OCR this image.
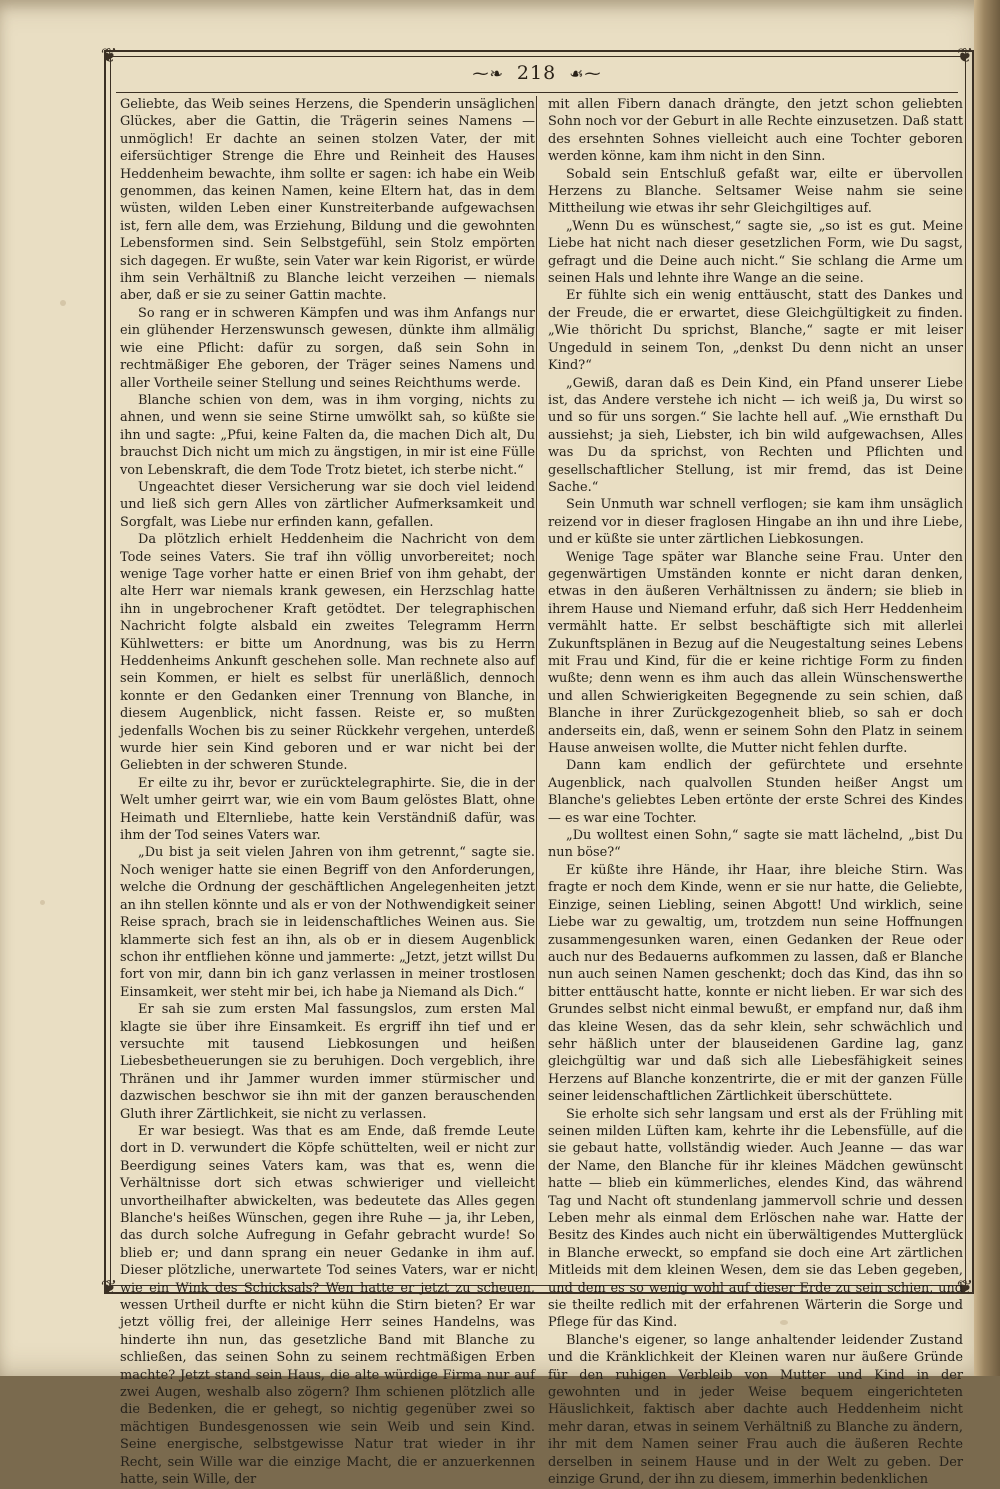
❦	❦
❦	❦
⁓❧ 218 ☙⁓

Geliebte, das Weib seines Herzens, die Spenderin unsäglichen Glückes, aber die Gattin, die Trägerin seines Namens — unmöglich! Er dachte an seinen stolzen Vater, der mit eifersüchtiger Strenge die Ehre und Reinheit des Hauses Heddenheim bewachte, ihm sollte er sagen: ich habe ein Weib genommen, das keinen Namen, keine Eltern hat, das in dem wüsten, wilden Leben einer Kunstreiterbande aufgewachsen ist, fern alle dem, was Erziehung, Bildung und die gewohnten Lebensformen sind. Sein Selbstgefühl, sein Stolz empörten sich dagegen. Er wußte, sein Vater war kein Rigorist, er würde ihm sein Verhältniß zu Blanche leicht verzeihen — niemals aber, daß er sie zu seiner Gattin machte.

So rang er in schweren Kämpfen und was ihm Anfangs nur ein glühender Herzenswunsch gewesen, dünkte ihm allmälig wie eine Pflicht: dafür zu sorgen, daß sein Sohn in rechtmäßiger Ehe geboren, der Träger seines Namens und aller Vortheile seiner Stellung und seines Reichthums werde.

Blanche schien von dem, was in ihm vorging, nichts zu ahnen, und wenn sie seine Stirne umwölkt sah, so küßte sie ihn und sagte: „Pfui, keine Falten da, die machen Dich alt, Du brauchst Dich nicht um mich zu ängstigen, in mir ist eine Fülle von Lebenskraft, die dem Tode Trotz bietet, ich sterbe nicht.“

Ungeachtet dieser Versicherung war sie doch viel leidend und ließ sich gern Alles von zärtlicher Aufmerksamkeit und Sorgfalt, was Liebe nur erfinden kann, gefallen.

Da plötzlich erhielt Heddenheim die Nachricht von dem Tode seines Vaters. Sie traf ihn völlig unvorbereitet; noch wenige Tage vorher hatte er einen Brief von ihm gehabt, der alte Herr war niemals krank gewesen, ein Herzschlag hatte ihn in ungebrochener Kraft getödtet. Der telegraphischen Nachricht folgte alsbald ein zweites Telegramm Herrn Kühlwetters: er bitte um Anordnung, was bis zu Herrn Heddenheims Ankunft geschehen solle. Man rechnete also auf sein Kommen, er hielt es selbst für unerläßlich, dennoch konnte er den Gedanken einer Trennung von Blanche, in diesem Augenblick, nicht fassen. Reiste er, so mußten jedenfalls Wochen bis zu seiner Rückkehr vergehen, unterdeß wurde hier sein Kind geboren und er war nicht bei der Geliebten in der schweren Stunde.

Er eilte zu ihr, bevor er zurücktelegraphirte. Sie, die in der Welt umher geirrt war, wie ein vom Baum gelöstes Blatt, ohne Heimath und Elternliebe, hatte kein Verständniß dafür, was ihm der Tod seines Vaters war.

„Du bist ja seit vielen Jahren von ihm getrennt,“ sagte sie. Noch weniger hatte sie einen Begriff von den Anforderungen, welche die Ordnung der geschäftlichen Angelegenheiten jetzt an ihn stellen könnte und als er von der Nothwendigkeit seiner Reise sprach, brach sie in leidenschaftliches Weinen aus. Sie klammerte sich fest an ihn, als ob er in diesem Augenblick schon ihr entfliehen könne und jammerte: „Jetzt, jetzt willst Du fort von mir, dann bin ich ganz verlassen in meiner trostlosen Einsamkeit, wer steht mir bei, ich habe ja Niemand als Dich.“

Er sah sie zum ersten Mal fassungslos, zum ersten Mal klagte sie über ihre Einsamkeit. Es ergriff ihn tief und er versuchte mit tausend Liebkosungen und heißen Liebesbetheuerungen sie zu beruhigen. Doch vergeblich, ihre Thränen und ihr Jammer wurden immer stürmischer und dazwischen beschwor sie ihn mit der ganzen berauschenden Gluth ihrer Zärtlichkeit, sie nicht zu verlassen.

Er war besiegt. Was that es am Ende, daß fremde Leute dort in D. verwundert die Köpfe schüttelten, weil er nicht zur Beerdigung seines Vaters kam, was that es, wenn die Verhältnisse dort sich etwas schwieriger und vielleicht unvortheilhafter abwickelten, was bedeutete das Alles gegen Blanche's heißes Wünschen, gegen ihre Ruhe — ja, ihr Leben, das durch solche Aufregung in Gefahr gebracht wurde! So blieb er; und dann sprang ein neuer Gedanke in ihm auf. Dieser plötzliche, unerwartete Tod seines Vaters, war er nicht wie ein Wink des Schicksals? Wen hatte er jetzt zu scheuen, wessen Urtheil durfte er nicht kühn die Stirn bieten? Er war jetzt völlig frei, der alleinige Herr seines Handelns, was hinderte ihn nun, das gesetzliche Band mit Blanche zu schließen, das seinen Sohn zu seinem rechtmäßigen Erben machte? Jetzt stand sein Haus, die alte würdige Firma nur auf zwei Augen, weshalb also zögern? Ihm schienen plötzlich alle die Bedenken, die er gehegt, so nichtig gegenüber zwei so mächtigen Bundesgenossen wie sein Weib und sein Kind. Seine energische, selbstgewisse Natur trat wieder in ihr Recht, sein Wille war die einzige Macht, die er anzuerkennen hatte, sein Wille, der

mit allen Fibern danach drängte, den jetzt schon geliebten Sohn noch vor der Geburt in alle Rechte einzusetzen. Daß statt des ersehnten Sohnes vielleicht auch eine Tochter geboren werden könne, kam ihm nicht in den Sinn.

Sobald sein Entschluß gefaßt war, eilte er übervollen Herzens zu Blanche. Seltsamer Weise nahm sie seine Mittheilung wie etwas ihr sehr Gleichgiltiges auf.

„Wenn Du es wünschest,“ sagte sie, „so ist es gut. Meine Liebe hat nicht nach dieser gesetzlichen Form, wie Du sagst, gefragt und die Deine auch nicht.“ Sie schlang die Arme um seinen Hals und lehnte ihre Wange an die seine.

Er fühlte sich ein wenig enttäuscht, statt des Dankes und der Freude, die er erwartet, diese Gleichgültigkeit zu finden. „Wie thöricht Du sprichst, Blanche,“ sagte er mit leiser Ungeduld in seinem Ton, „denkst Du denn nicht an unser Kind?“

„Gewiß, daran daß es Dein Kind, ein Pfand unserer Liebe ist, das Andere verstehe ich nicht — ich weiß ja, Du wirst so und so für uns sorgen.“ Sie lachte hell auf. „Wie ernsthaft Du aussiehst; ja sieh, Liebster, ich bin wild aufgewachsen, Alles was Du da sprichst, von Rechten und Pflichten und gesellschaftlicher Stellung, ist mir fremd, das ist Deine Sache.“

Sein Unmuth war schnell verflogen; sie kam ihm unsäglich reizend vor in dieser fraglosen Hingabe an ihn und ihre Liebe, und er küßte sie unter zärtlichen Liebkosungen.

Wenige Tage später war Blanche seine Frau. Unter den gegenwärtigen Umständen konnte er nicht daran denken, etwas in den äußeren Verhältnissen zu ändern; sie blieb in ihrem Hause und Niemand erfuhr, daß sich Herr Heddenheim vermählt hatte. Er selbst beschäftigte sich mit allerlei Zukunftsplänen in Bezug auf die Neugestaltung seines Lebens mit Frau und Kind, für die er keine richtige Form zu finden wußte; denn wenn es ihm auch das allein Wünschenswerthe und allen Schwierigkeiten Begegnende zu sein schien, daß Blanche in ihrer Zurückgezogenheit blieb, so sah er doch anderseits ein, daß, wenn er seinem Sohn den Platz in seinem Hause anweisen wollte, die Mutter nicht fehlen durfte.

Dann kam endlich der gefürchtete und ersehnte Augenblick, nach qualvollen Stunden heißer Angst um Blanche's geliebtes Leben ertönte der erste Schrei des Kindes — es war eine Tochter.

„Du wolltest einen Sohn,“ sagte sie matt lächelnd, „bist Du nun böse?“

Er küßte ihre Hände, ihr Haar, ihre bleiche Stirn. Was fragte er noch dem Kinde, wenn er sie nur hatte, die Geliebte, Einzige, seinen Liebling, seinen Abgott! Und wirklich, seine Liebe war zu gewaltig, um, trotzdem nun seine Hoffnungen zusammengesunken waren, einen Gedanken der Reue oder auch nur des Bedauerns aufkommen zu lassen, daß er Blanche nun auch seinen Namen geschenkt; doch das Kind, das ihn so bitter enttäuscht hatte, konnte er nicht lieben. Er war sich des Grundes selbst nicht einmal bewußt, er empfand nur, daß ihm das kleine Wesen, das da sehr klein, sehr schwächlich und sehr häßlich unter der blauseidenen Gardine lag, ganz gleichgültig war und daß sich alle Liebesfähigkeit seines Herzens auf Blanche konzentrirte, die er mit der ganzen Fülle seiner leidenschaftlichen Zärtlichkeit überschüttete.

Sie erholte sich sehr langsam und erst als der Frühling mit seinen milden Lüften kam, kehrte ihr die Lebensfülle, auf die sie gebaut hatte, vollständig wieder. Auch Jeanne — das war der Name, den Blanche für ihr kleines Mädchen gewünscht hatte — blieb ein kümmerliches, elendes Kind, das während Tag und Nacht oft stundenlang jammervoll schrie und dessen Leben mehr als einmal dem Erlöschen nahe war. Hatte der Besitz des Kindes auch nicht ein überwältigendes Mutterglück in Blanche erweckt, so empfand sie doch eine Art zärtlichen Mitleids mit dem kleinen Wesen, dem sie das Leben gegeben, und dem es so wenig wohl auf dieser Erde zu sein schien, und sie theilte redlich mit der erfahrenen Wärterin die Sorge und Pflege für das Kind.

Blanche's eigener, so lange anhaltender leidender Zustand und die Kränklichkeit der Kleinen waren nur äußere Gründe für den ruhigen Verbleib von Mutter und Kind in der gewohnten und in jeder Weise bequem eingerichteten Häuslichkeit, faktisch aber dachte auch Heddenheim nicht mehr daran, etwas in seinem Verhältniß zu Blanche zu ändern, ihr mit dem Namen seiner Frau auch die äußeren Rechte derselben in seinem Hause und in der Welt zu geben. Der einzige Grund, der ihn zu diesem, immerhin bedenklichen
